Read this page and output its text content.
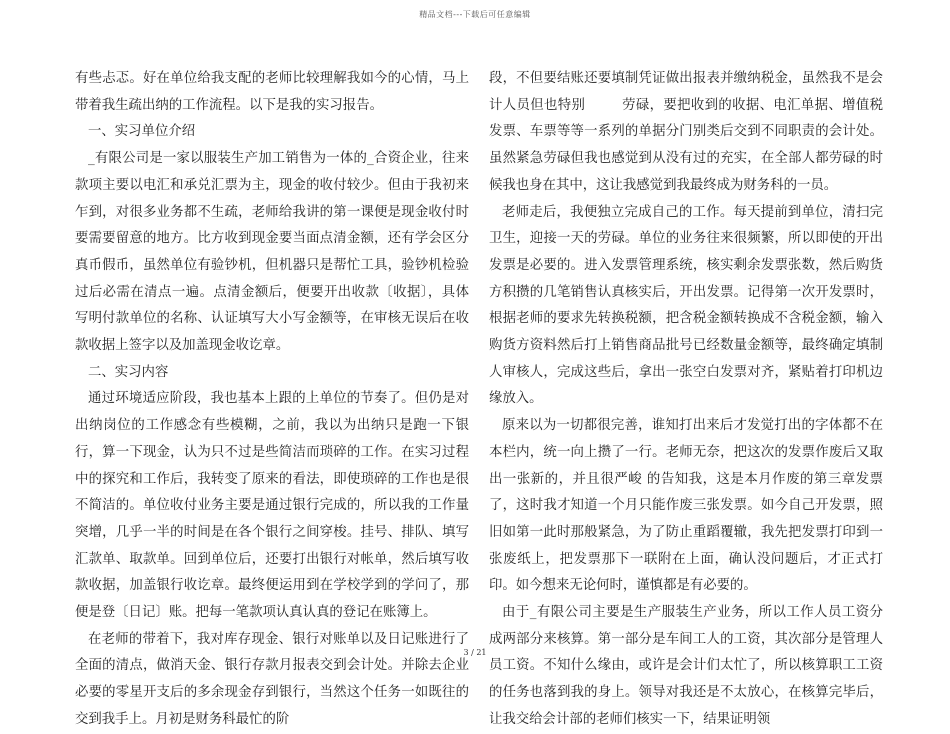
精品文档---下载后可任意编辑

有些忐忑。好在单位给我支配的老师比较理解我如今的心情，马上带着我生疏出纳的工作流程。以下是我的实习报告。

一、实习单位介绍

_有限公司是一家以服装生产加工销售为一体的_合资企业，往来款项主要以电汇和承兑汇票为主，现金的收付较少。但由于我初来乍到，对很多业务都不生疏，老师给我讲的第一课便是现金收付时要需要留意的地方。比方收到现金要当面点清金额，还有学会区分真币假币，虽然单位有验钞机，但机器只是帮忙工具，验钞机检验过后必需在清点一遍。点清金额后，便要开出收款〔收据〕，具体写明付款单位的名称、认证填写大小写金额等，在审核无误后在收款收据上签字以及加盖现金收讫章。

二、实习内容

通过环境适应阶段，我也基本上跟的上单位的节奏了。但仍是对出纳岗位的工作感念有些模糊，之前，我以为出纳只是跑一下银行，算一下现金，认为只不过是些简洁而琐碎的工作。在实习过程中的探究和工作后，我转变了原来的看法，即使琐碎的工作也是很不简洁的。单位收付业务主要是通过银行完成的，所以我的工作量突增，几乎一半的时间是在各个银行之间穿梭。挂号、排队、填写汇款单、取款单。回到单位后，还要打出银行对帐单，然后填写收款收据，加盖银行收讫章。最终便运用到在学校学到的学问了，那便是登〔日记〕账。把每一笔款项认真认真的登记在账簿上。

在老师的带着下，我对库存现金、银行对账单以及日记账进行了全面的清点，做消天金、银行存款月报表交到会计处。并除去企业必要的零星开支后的多余现金存到银行，当然这个任务一如既往的交到我手上。月初是财务科最忙的阶

段，不但要结账还要填制凭证做出报表并缴纳税金，虽然我不是会计人员但也特别        劳碌，要把收到的收据、电汇单据、增值税发票、车票等等一系列的单据分门别类后交到不同职责的会计处。虽然紧急劳碌但我也感觉到从没有过的充实，在全部人都劳碌的时候我也身在其中，这让我感觉到我最终成为财务科的一员。

老师走后，我便独立完成自己的工作。每天提前到单位，清扫完卫生，迎接一天的劳碌。单位的业务往来很频繁，所以即使的开出发票是必要的。进入发票管理系统，核实剩余发票张数，然后购货方积攒的几笔销售认真核实后，开出发票。记得第一次开发票时，根据老师的要求先转换税额，把含税金额转换成不含税金额，输入购货方资料然后打上销售商品批号已经数量金额等，最终确定填制人审核人，完成这些后，拿出一张空白发票对齐，紧贴着打印机边缘放入。

原来以为一切都很完善，谁知打出来后才发觉打出的字体都不在本栏内，统一向上攒了一行。老师无奈，把这次的发票作废后又取出一张新的，并且很严峻 的告知我，这是本月作废的第三章发票了，这时我才知道一个月只能作废三张发票。如今自己开发票，照旧如第一此时那般紧急，为了防止重蹈覆辙，我先把发票打印到一张废纸上，把发票那下一联附在上面，确认没问题后，才正式打印。如今想来无论何时，谨慎都是有必要的。

由于_有限公司主要是生产服装生产业务，所以工作人员工资分成两部分来核算。第一部分是车间工人的工资，其次部分是管理人员工资。不知什么缘由，或许是会计们太忙了，所以核算职工工资的任务也落到我的身上。领导对我还是不太放心，在核算完毕后，让我交给会计部的老师们核实一下，结果证明领

3 / 21
